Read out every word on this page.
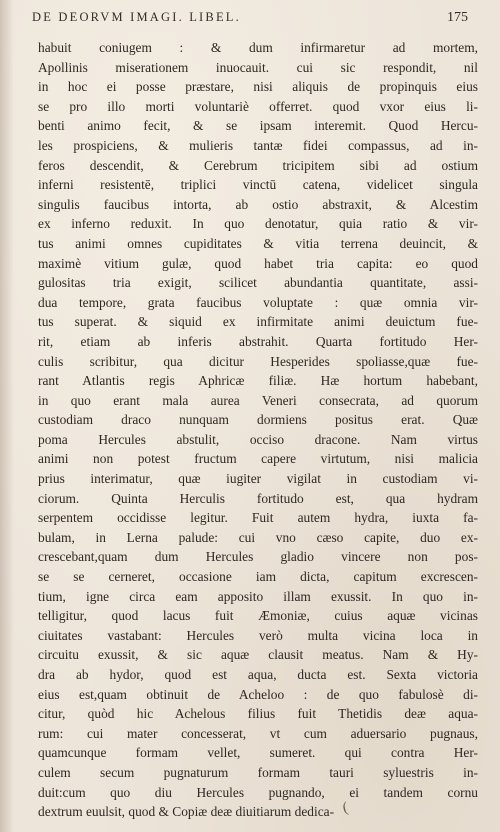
DE DEORVM IMAGI. LIBEL.	175
habuit coniugem : & dum infirmaretur ad mortem,
Apollinis miserationem inuocauit. cui sic respondit, nil
in hoc ei posse præstare, nisi aliquis de propinquis eius
se pro illo morti voluntariè offerret. quod vxor eius li-
benti animo fecit, & se ipsam interemit. Quod Hercu-
les prospiciens, & mulieris tantæ fidei compassus, ad in-
feros descendit, & Cerebrum tricipitem sibi ad ostium
inferni resistentē, triplici vinctū catena, videlicet singula
singulis faucibus intorta, ab ostio abstraxit, & Alcestim
ex inferno reduxit. In quo denotatur, quia ratio & vir-
tus animi omnes cupiditates & vitia terrena deuincit, &
maximè vitium gulæ, quod habet tria capita: eo quod
gulositas tria exigit, scilicet abundantia quantitate, assi-
dua tempore, grata faucibus voluptate : quæ omnia vir-
tus superat. & siquid ex infirmitate animi deuictum fue-
rit, etiam ab inferis abstrahit. Quarta fortitudo Her-
culis scribitur, qua dicitur Hesperides spoliasse,quæ fue-
rant Atlantis regis Aphricæ filiæ. Hæ hortum habebant,
in quo erant mala aurea Veneri consecrata, ad quorum
custodiam draco nunquam dormiens positus erat. Quæ
poma Hercules abstulit, occiso dracone. Nam virtus
animi non potest fructum capere virtutum, nisi malicia
prius interimatur, quæ iugiter vigilat in custodiam vi-
ciorum. Quinta Herculis fortitudo est, qua hydram
serpentem occidisse legitur. Fuit autem hydra, iuxta fa-
bulam, in Lerna palude: cui vno cæso capite, duo ex-
crescebant,quam dum Hercules gladio vincere non pos-
se se cerneret, occasione iam dicta, capitum excrescen-
tium, igne circa eam apposito illam exussit. In quo in-
telligitur, quod lacus fuit Æmoniæ, cuius aquæ vicinas
ciuitates vastabant: Hercules verò multa vicina loca in
circuitu exussit, & sic aquæ clausit meatus. Nam & Hy-
dra ab hydor, quod est aqua, ducta est. Sexta victoria
eius est,quam obtinuit de Acheloo : de quo fabulosè di-
citur, quòd hic Achelous filius fuit Thetidis deæ aqua-
rum: cui mater concesserat, vt cum aduersario pugnaus,
quamcunque formam vellet, sumeret. qui contra Her-
culem secum pugnaturum formam tauri syluestris in-
duit:cum quo diu Hercules pugnando, ei tandem cornu
dextrum euulsit, quod & Copiæ deæ diuitiarum dedica- (
